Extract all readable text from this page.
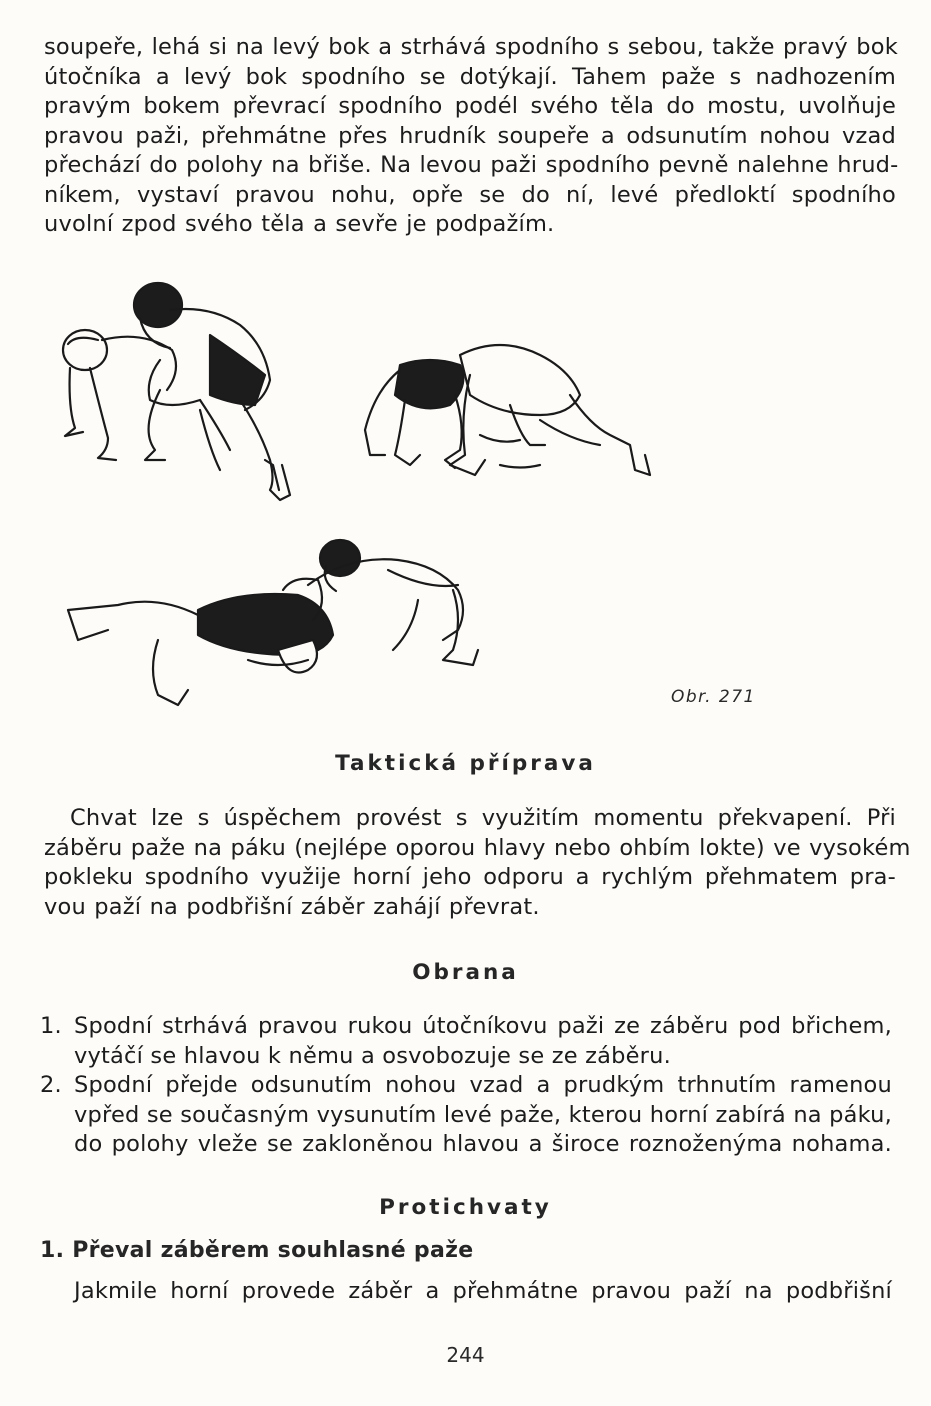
soupeře, lehá si na levý bok a strhává spodního s sebou, takže pravý bok
útočníka a levý bok spodního se dotýkají. Tahem paže s nadhozením
pravým bokem převrací spodního podél svého těla do mostu, uvolňuje
pravou paži, přehmátne přes hrudník soupeře a odsunutím nohou vzad
přechází do polohy na břiše. Na levou paži spodního pevně nalehne hrud-
níkem, vystaví pravou nohu, opře se do ní, levé předloktí spodního
uvolní zpod svého těla a sevře je podpažím.
Obr. 271
Taktická příprava
Chvat lze s úspěchem provést s využitím momentu překvapení. Při
záběru paže na páku (nejlépe oporou hlavy nebo ohbím lokte) ve vysokém
pokleku spodního využije horní jeho odporu a rychlým přehmatem pra-
vou paží na podbřišní záběr zahájí převrat.
Obrana
1. Spodní strhává pravou rukou útočníkovu paži ze záběru pod břichem,
vytáčí se hlavou k němu a osvobozuje se ze záběru.
2. Spodní přejde odsunutím nohou vzad a prudkým trhnutím ramenou
vpřed se současným vysunutím levé paže, kterou horní zabírá na páku,
do polohy vleže se zakloněnou hlavou a široce roznoženýma nohama.
Protichvaty
1. Převal záběrem souhlasné paže
Jakmile horní provede záběr a přehmátne pravou paží na podbřišní
244
